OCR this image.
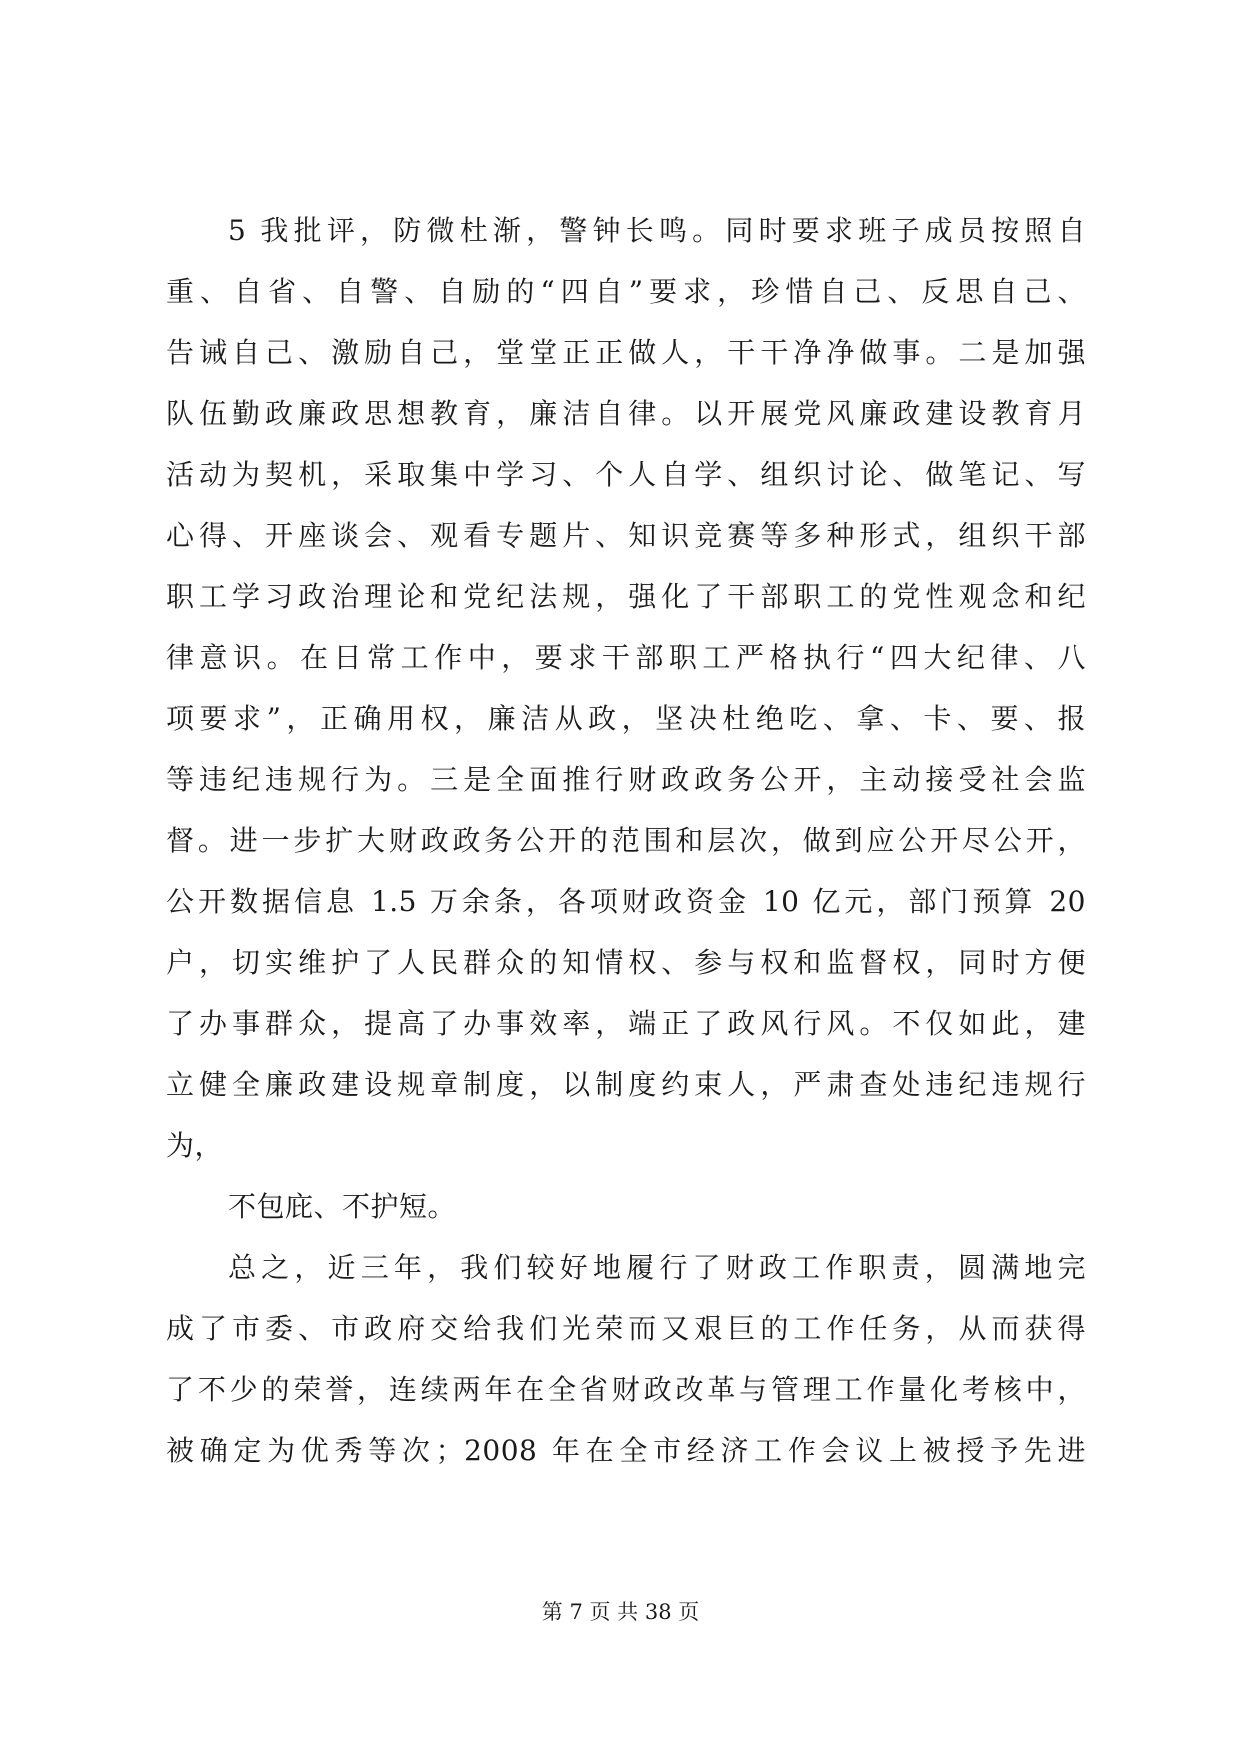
5 我批评，防微杜渐，警钟长鸣。同时要求班子成员按照自
重、自省、自警、自励的“四自”要求，珍惜自己、反思自己、
告诫自己、激励自己，堂堂正正做人，干干净净做事。二是加强
队伍勤政廉政思想教育，廉洁自律。以开展党风廉政建设教育月
活动为契机，采取集中学习、个人自学、组织讨论、做笔记、写
心得、开座谈会、观看专题片、知识竞赛等多种形式，组织干部
职工学习政治理论和党纪法规，强化了干部职工的党性观念和纪
律意识。在日常工作中，要求干部职工严格执行“四大纪律、八
项要求”，正确用权，廉洁从政，坚决杜绝吃、拿、卡、要、报
等违纪违规行为。三是全面推行财政政务公开，主动接受社会监
督。进一步扩大财政政务公开的范围和层次，做到应公开尽公开，
公开数据信息 1.5 万余条，各项财政资金 10 亿元，部门预算 20
户，切实维护了人民群众的知情权、参与权和监督权，同时方便
了办事群众，提高了办事效率，端正了政风行风。不仅如此，建
立健全廉政建设规章制度，以制度约束人，严肃查处违纪违规行
为，
不包庇、不护短。
总之，近三年，我们较好地履行了财政工作职责，圆满地完
成了市委、市政府交给我们光荣而又艰巨的工作任务，从而获得
了不少的荣誉，连续两年在全省财政改革与管理工作量化考核中，
被确定为优秀等次；2008 年在全市经济工作会议上被授予先进
第 7 页 共 38 页
